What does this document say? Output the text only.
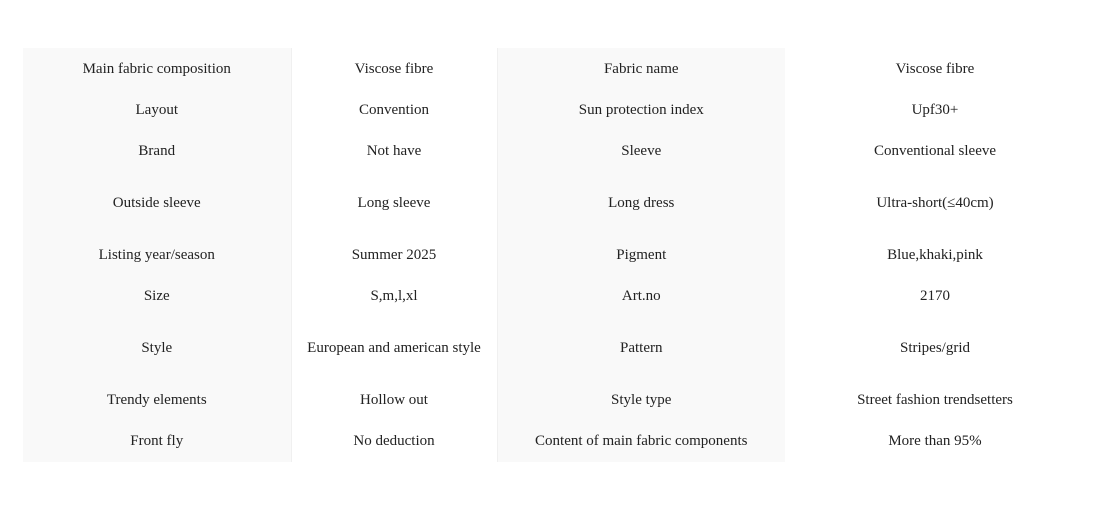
Main fabric composition	Viscose fibre	Fabric name	Viscose fibre
Layout	Convention	Sun protection index	Upf30+
Brand	Not have	Sleeve	Conventional sleeve
Outside sleeve	Long sleeve	Long dress	Ultra-short(≤40cm)
Listing year/season	Summer 2025	Pigment	Blue,khaki,pink
Size	S,m,l,xl	Art.no	2170
Style	European and american style	Pattern	Stripes/grid
Trendy elements	Hollow out	Style type	Street fashion trendsetters
Front fly	No deduction	Content of main fabric components	More than 95%
